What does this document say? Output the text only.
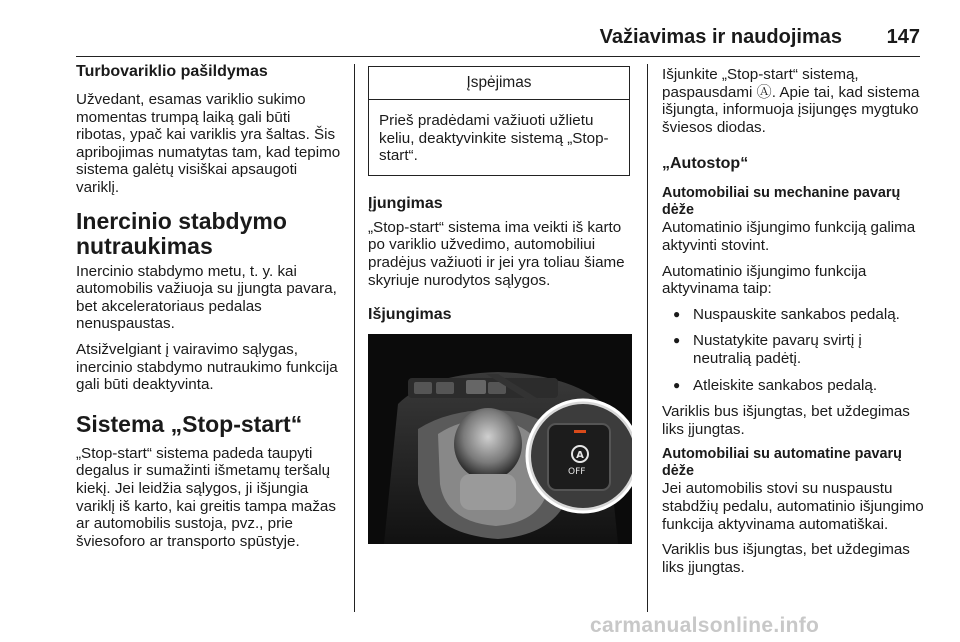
Važiavimas ir naudojimas 147
Turbovariklio pašildymas

Užvedant, esamas variklio sukimo momentas trumpą laiką gali būti ribotas, ypač kai variklis yra šaltas. Šis apribojimas numatytas tam, kad tepimo sistema galėtų visiškai apsaugoti variklį.

Inercinio stabdymo nutraukimas

Inercinio stabdymo metu, t. y. kai automobilis važiuoja su įjungta pavara, bet akceleratoriaus pedalas nenuspaustas.

Atsižvelgiant į vairavimo sąlygas, inercinio stabdymo nutraukimo funkcija gali būti deaktyvinta.

Sistema „Stop-start“

„Stop-start“ sistema padeda taupyti degalus ir sumažinti išmetamų teršalų kiekį. Jei leidžia sąlygos, ji išjungia variklį iš karto, kai greitis tampa mažas ar automobilis sustoja, pvz., prie šviesoforo ar transporto spūstyje.

Įspėjimas
Prieš pradėdami važiuoti užlietu keliu, deaktyvinkite sistemą „Stop-start“.
Įjungimas

„Stop-start“ sistema ima veikti iš karto po variklio užvedimo, automobiliui pradėjus važiuoti ir jei yra toliau šiame skyriuje nurodytos sąlygos.

Išjungimas
A
OFF

Išjunkite „Stop-start“ sistemą, paspausdami Ⓐ. Apie tai, kad sistema išjungta, informuoja įsijungęs mygtuko šviesos diodas.

„Autostop“
Automobiliai su mechanine pavarų dėže

Automatinio išjungimo funkciją galima aktyvinti stovint.

Automatinio išjungimo funkcija aktyvinama taip:

● Nuspauskite sankabos pedalą.
● Nustatykite pavarų svirtį į neutralią padėtį.
● Atleiskite sankabos pedalą.

Variklis bus išjungtas, bet uždegimas liks įjungtas.

Automobiliai su automatine pavarų dėže

Jei automobilis stovi su nuspaustu stabdžių pedalu, automatinio išjungimo funkcija aktyvinama automatiškai.

Variklis bus išjungtas, bet uždegimas liks įjungtas.

carmanualsonline.info
